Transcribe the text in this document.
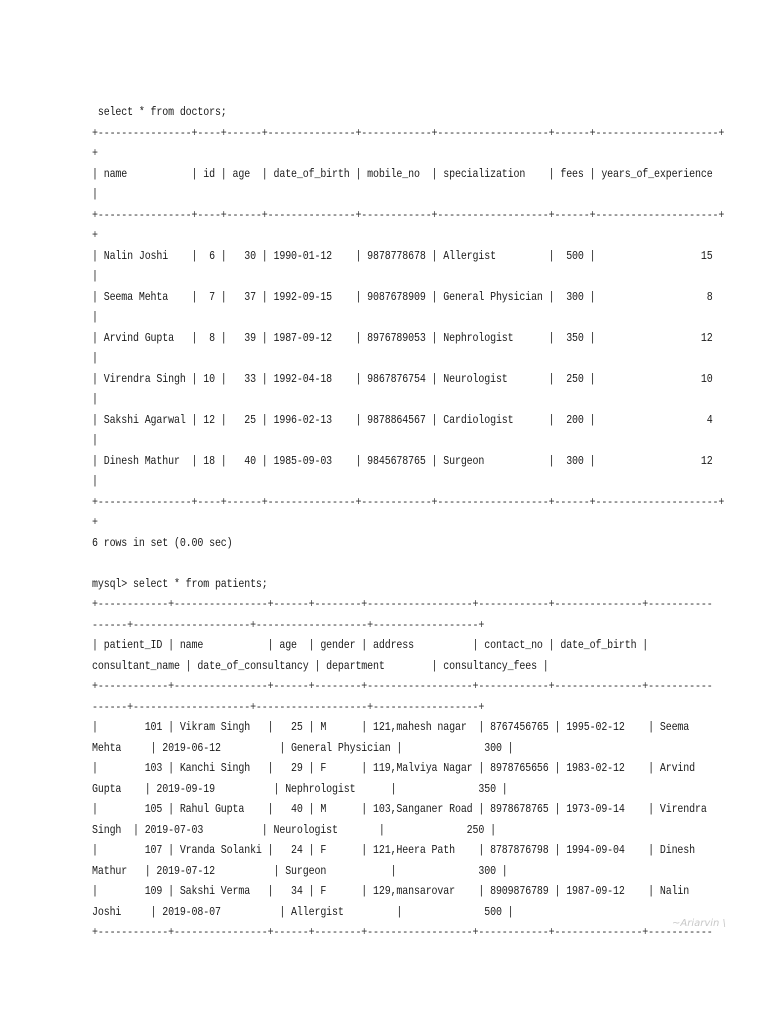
select * from doctors;
+----------------+----+------+---------------+------------+-------------------+------+---------------------+
+
| name           | id | age  | date_of_birth | mobile_no  | specialization    | fees | years_of_experience
|
+----------------+----+------+---------------+------------+-------------------+------+---------------------+
+
| Nalin Joshi    |  6 |   30 | 1990-01-12    | 9878778678 | Allergist         |  500 |                  15
|
| Seema Mehta    |  7 |   37 | 1992-09-15    | 9087678909 | General Physician |  300 |                   8
|
| Arvind Gupta   |  8 |   39 | 1987-09-12    | 8976789053 | Nephrologist      |  350 |                  12
|
| Virendra Singh | 10 |   33 | 1992-04-18    | 9867876754 | Neurologist       |  250 |                  10
|
| Sakshi Agarwal | 12 |   25 | 1996-02-13    | 9878864567 | Cardiologist      |  200 |                   4
|
| Dinesh Mathur  | 18 |   40 | 1985-09-03    | 9845678765 | Surgeon           |  300 |                  12
|
+----------------+----+------+---------------+------------+-------------------+------+---------------------+
+
6 rows in set (0.00 sec)
mysql> select * from patients;
+------------+----------------+------+--------+------------------+------------+---------------+-----------
------+--------------------+-------------------+------------------+
| patient_ID | name           | age  | gender | address          | contact_no | date_of_birth |
consultant_name | date_of_consultancy | department        | consultancy_fees |
+------------+----------------+------+--------+------------------+------------+---------------+-----------
------+--------------------+-------------------+------------------+
|        101 | Vikram Singh   |   25 | M      | 121,mahesh nagar  | 8767456765 | 1995-02-12    | Seema
Mehta     | 2019-06-12          | General Physician |              300 |
|        103 | Kanchi Singh   |   29 | F      | 119,Malviya Nagar | 8978765656 | 1983-02-12    | Arvind
Gupta    | 2019-09-19          | Nephrologist      |              350 |
|        105 | Rahul Gupta    |   40 | M      | 103,Sanganer Road | 8978678765 | 1973-09-14    | Virendra
Singh  | 2019-07-03          | Neurologist       |              250 |
|        107 | Vranda Solanki |   24 | F      | 121,Heera Path    | 8787876798 | 1994-09-04    | Dinesh
Mathur   | 2019-07-12          | Surgeon           |              300 |
|        109 | Sakshi Verma   |   34 | F      | 129,mansarovar    | 8909876789 | 1987-09-12    | Nalin
Joshi     | 2019-08-07          | Allergist         |              500 |
+------------+----------------+------+--------+------------------+------------+---------------+-----------
~Ariarvin \
